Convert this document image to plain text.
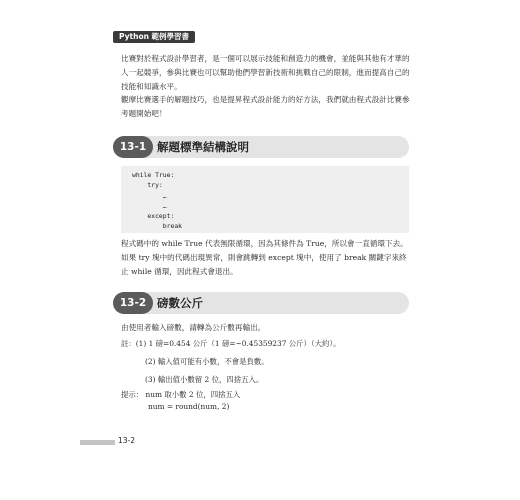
Python 範例學習書
比賽對於程式設計學習者，是一個可以展示技能和創造力的機會，並能與其他有才華的人一起競爭，參與比賽也可以幫助他們學習新技術和挑戰自己的限制，進而提高自己的技能和知識水平。
觀摩比賽選手的解題技巧，也是提昇程式設計能力的好方法，我們就由程式設計比賽參考題開始吧！
13-1 解題標準結構說明
while True:
try:
…
…
except:
break
程式碼中的 while True 代表無限循環，因為其條件為 True，所以會一直循環下去。如果 try 塊中的代碼出現異常，則會跳轉到 except 塊中，使用了 break 關鍵字來終止 while 循環，因此程式會退出。
13-2 磅數公斤
由使用者輸入磅數，請轉為公斤數再輸出。
註：(1) 1 磅=0.454 公斤（1 磅=~0.45359237 公斤）（大約）。
(2) 輸入值可能有小數，不會是負數。
(3) 輸出值小數留 2 位，四捨五入。
提示： num 取小數 2 位，四捨五入
num = round(num, 2)
13-2
